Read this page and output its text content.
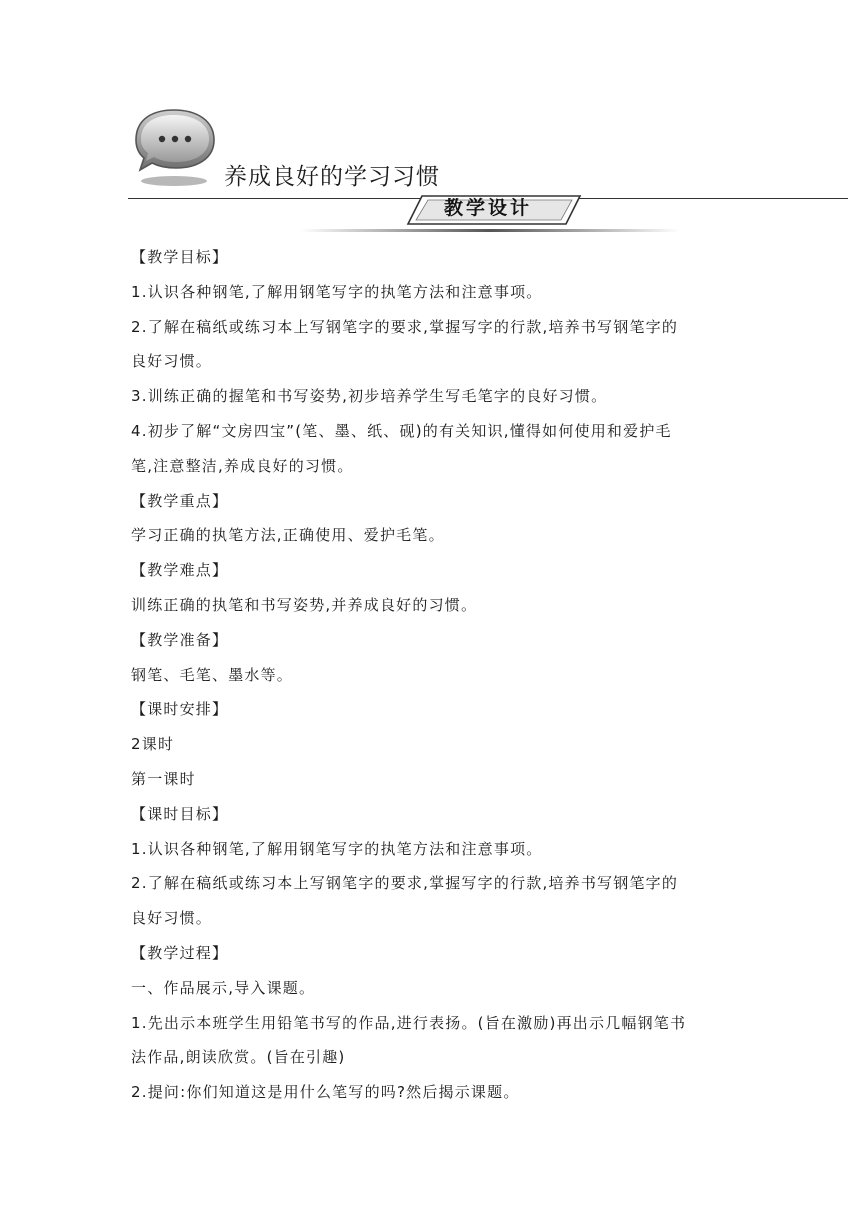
养成良好的学习习惯
教学设计
【教学目标】
1.认识各种钢笔,了解用钢笔写字的执笔方法和注意事项。
2.了解在稿纸或练习本上写钢笔字的要求,掌握写字的行款,培养书写钢笔字的
良好习惯。
3.训练正确的握笔和书写姿势,初步培养学生写毛笔字的良好习惯。
4.初步了解“文房四宝”(笔、墨、纸、砚)的有关知识,懂得如何使用和爱护毛
笔,注意整洁,养成良好的习惯。
【教学重点】
学习正确的执笔方法,正确使用、爱护毛笔。
【教学难点】
训练正确的执笔和书写姿势,并养成良好的习惯。
【教学准备】
钢笔、毛笔、墨水等。
【课时安排】
2课时
第一课时
【课时目标】
1.认识各种钢笔,了解用钢笔写字的执笔方法和注意事项。
2.了解在稿纸或练习本上写钢笔字的要求,掌握写字的行款,培养书写钢笔字的
良好习惯。
【教学过程】
一、作品展示,导入课题。
1.先出示本班学生用铅笔书写的作品,进行表扬。(旨在激励)再出示几幅钢笔书
法作品,朗读欣赏。(旨在引趣)
2.提问:你们知道这是用什么笔写的吗?然后揭示课题。
